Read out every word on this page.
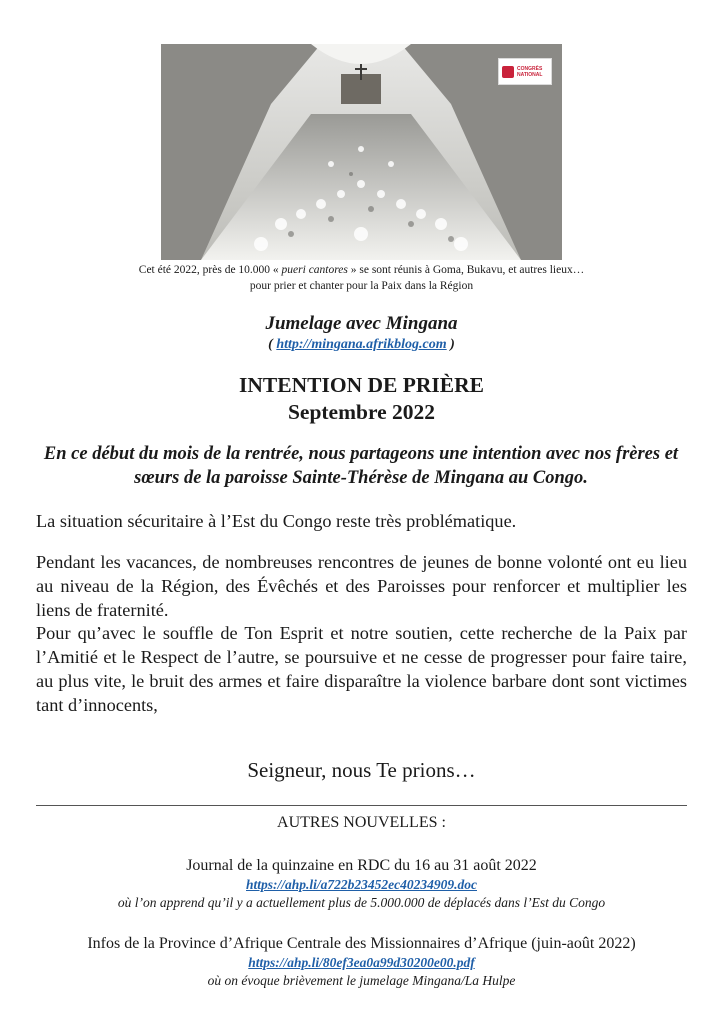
CONGRÈS
NATIONAL
Cet été 2022, près de 10.000 « pueri cantores » se sont réunis à Goma, Bukavu, et autres lieux…
pour prier et chanter pour la Paix dans la Région
Jumelage avec Mingana
( http://mingana.afrikblog.com )
INTENTION DE PRIÈRE
Septembre 2022
En ce début du mois de la rentrée, nous partageons une intention avec nos frères et sœurs de la paroisse Sainte-Thérèse de Mingana au Congo.
La situation sécuritaire à l’Est du Congo reste très problématique.
Pendant les vacances, de nombreuses rencontres de jeunes de bonne volonté ont eu lieu au niveau de la Région, des Évêchés et des Paroisses pour renforcer et multiplier les liens de fraternité.
Pour qu’avec le souffle de Ton Esprit et notre soutien, cette recherche de la Paix par l’Amitié et le Respect de l’autre, se poursuive et ne cesse de progresser pour faire taire, au plus vite, le bruit des armes et faire disparaître la violence barbare dont sont victimes tant d’innocents,
Seigneur, nous Te prions…
AUTRES NOUVELLES :
Journal de la quinzaine en RDC du 16 au 31 août 2022
https://ahp.li/a722b23452ec40234909.doc
où l’on apprend qu’il y a actuellement plus de 5.000.000 de déplacés dans l’Est du Congo
Infos de la Province d’Afrique Centrale des Missionnaires d’Afrique (juin-août 2022)
https://ahp.li/80ef3ea0a99d30200e00.pdf
où on évoque brièvement le jumelage Mingana/La Hulpe
